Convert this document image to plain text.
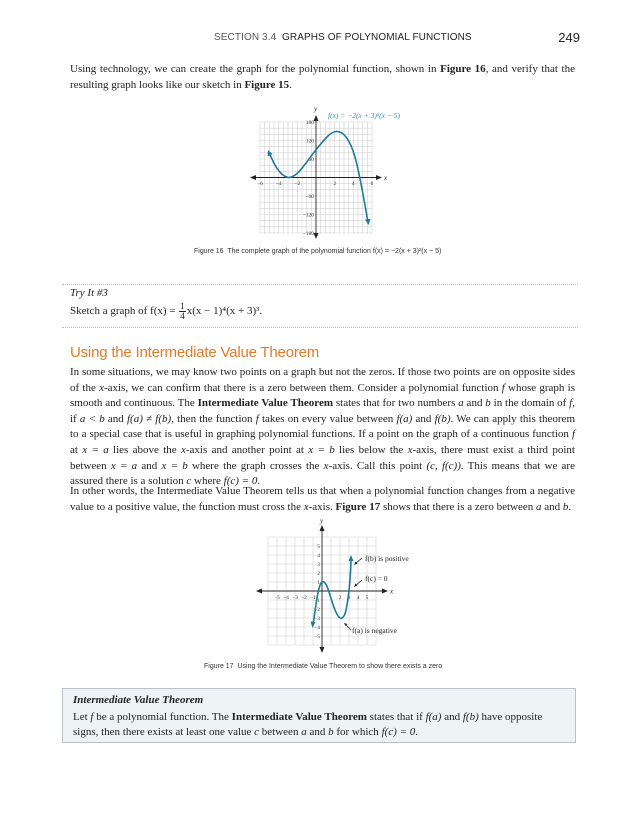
SECTION 3.4 GRAPHS OF POLYNOMIAL FUNCTIONS	249
Using technology, we can create the graph for the polynomial function, shown in Figure 16, and verify that the resulting graph looks like our sketch in Figure 15.
y
x
−6 −4 −2	2	4	6
180
120
60
−60
−120
−180
f(x) = −2(x + 3)²(x − 5)
Figure 16 The complete graph of the polynomial function f(x) = −2(x + 3)²(x − 5)
Try It #3
Sketch a graph of $f(x) = \frac{1}{4} x(x - 1)^4(x + 3)^3$.
Using the Intermediate Value Theorem
In some situations, we may know two points on a graph but not the zeros. If those two points are on opposite sides of the x-axis, we can confirm that there is a zero between them. Consider a polynomial function f whose graph is smooth and continuous. The Intermediate Value Theorem states that for two numbers a and b in the domain of f, if a < b and f(a) ≠ f(b), then the function f takes on every value between f(a) and f(b). We can apply this theorem to a special case that is useful in graphing polynomial functions. If a point on the graph of a continuous function f at x = a lies above the x-axis and another point at x = b lies below the x-axis, there must exist a third point between x = a and x = b where the graph crosses the x-axis. Call this point (c, f(c)). This means that we are assured there is a solution c where f(c) = 0.
In other words, the Intermediate Value Theorem tells us that when a polynomial function changes from a negative value to a positive value, the function must cross the x-axis. Figure 17 shows that there is a zero between a and b.
y
x
−5 −4 −3 −2 −1	2 3 4 5
5
4
3
2
1
−1
−2
−3
−4
−5
f(b) is positive
f(c) = 0
f(a) is negative
Figure 17 Using the Intermediate Value Theorem to show there exists a zero
Intermediate Value Theorem
Let f be a polynomial function. The Intermediate Value Theorem states that if f(a) and f(b) have opposite signs, then there exists at least one value c between a and b for which f(c) = 0.
